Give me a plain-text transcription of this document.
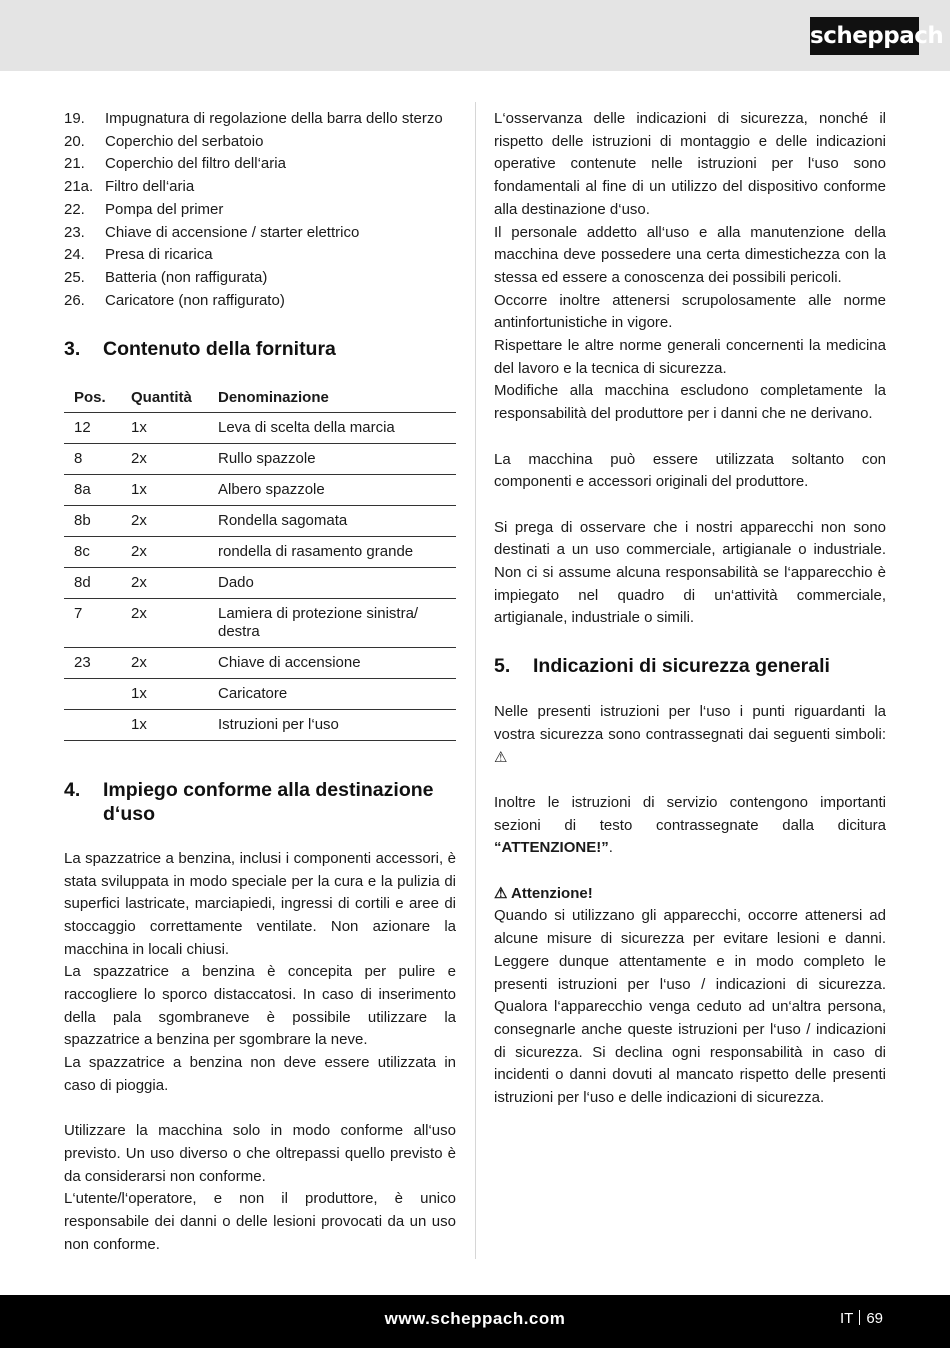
scheppach
19.	Impugnatura di regolazione della barra dello sterzo
20.	Coperchio del serbatoio
21.	Coperchio del filtro dell‘aria
21a. Filtro dell‘aria
22.	Pompa del primer
23.	Chiave di accensione / starter elettrico
24.	Presa di ricarica
25.	Batteria (non raffigurata)
26.	Caricatore (non raffigurato)
3.	Contenuto della fornitura
Pos.	Quantità	Denominazione

12	1x	Leva di scelta della marcia

8	2x	Rullo spazzole

8a	1x	Albero spazzole

8b	2x	Rondella sagomata

8c	2x	rondella di rasamento grande

8d	2x	Dado

7	2x	Lamiera di protezione sinistra/ destra

23	2x	Chiave di accensione

	1x	Caricatore

	1x	Istruzioni per l‘uso
4.	Impiego conforme alla destinazione d‘uso
La spazzatrice a benzina, inclusi i componenti accessori, è stata sviluppata in modo speciale per la cura e la pulizia di superfici lastricate, marciapiedi, ingressi di cortili e aree di stoccaggio correttamente ventilate. Non azionare la macchina in locali chiusi.
La spazzatrice a benzina è concepita per pulire e raccogliere lo sporco distaccatosi. In caso di inserimento della pala sgombraneve è possibile utilizzare la spazzatrice a benzina per sgombrare la neve.
La spazzatrice a benzina non deve essere utilizzata in caso di pioggia.
Utilizzare la macchina solo in modo conforme all‘uso previsto. Un uso diverso o che oltrepassi quello previsto è da considerarsi non conforme.
L‘utente/l‘operatore, e non il produttore, è unico responsabile dei danni o delle lesioni provocati da un uso non conforme.
L‘osservanza delle indicazioni di sicurezza, nonché il rispetto delle istruzioni di montaggio e delle indicazioni operative contenute nelle istruzioni per l‘uso sono fondamentali al fine di un utilizzo del dispositivo conforme alla destinazione d‘uso.
Il personale addetto all‘uso e alla manutenzione della macchina deve possedere una certa dimestichezza con la stessa ed essere a conoscenza dei possibili pericoli.
Occorre inoltre attenersi scrupolosamente alle norme antinfortunistiche in vigore.
Rispettare le altre norme generali concernenti la medicina del lavoro e la tecnica di sicurezza.
Modifiche alla macchina escludono completamente la responsabilità del produttore per i danni che ne derivano.
La macchina può essere utilizzata soltanto con componenti e accessori originali del produttore.
Si prega di osservare che i nostri apparecchi non sono destinati a un uso commerciale, artigianale o industriale. Non ci si assume alcuna responsabilità se l‘apparecchio è impiegato nel quadro di un‘attività commerciale, artigianale, industriale o simili.
5.	Indicazioni di sicurezza generali
Nelle presenti istruzioni per l‘uso i punti riguardanti la vostra sicurezza sono contrassegnati dai seguenti simboli: ⚠
Inoltre le istruzioni di servizio contengono importanti sezioni di testo contrassegnate dalla dicitura “ATTENZIONE!”.
⚠ Attenzione!
Quando si utilizzano gli apparecchi, occorre attenersi ad alcune misure di sicurezza per evitare lesioni e danni. Leggere dunque attentamente e in modo completo le presenti istruzioni per l‘uso / indicazioni di sicurezza. Qualora l‘apparecchio venga ceduto ad un‘altra persona, consegnarle anche queste istruzioni per l‘uso / indicazioni di sicurezza. Si declina ogni responsabilità in caso di incidenti o danni dovuti al mancato rispetto delle presenti istruzioni per l‘uso e delle indicazioni di sicurezza.
www.scheppach.com	IT 69
